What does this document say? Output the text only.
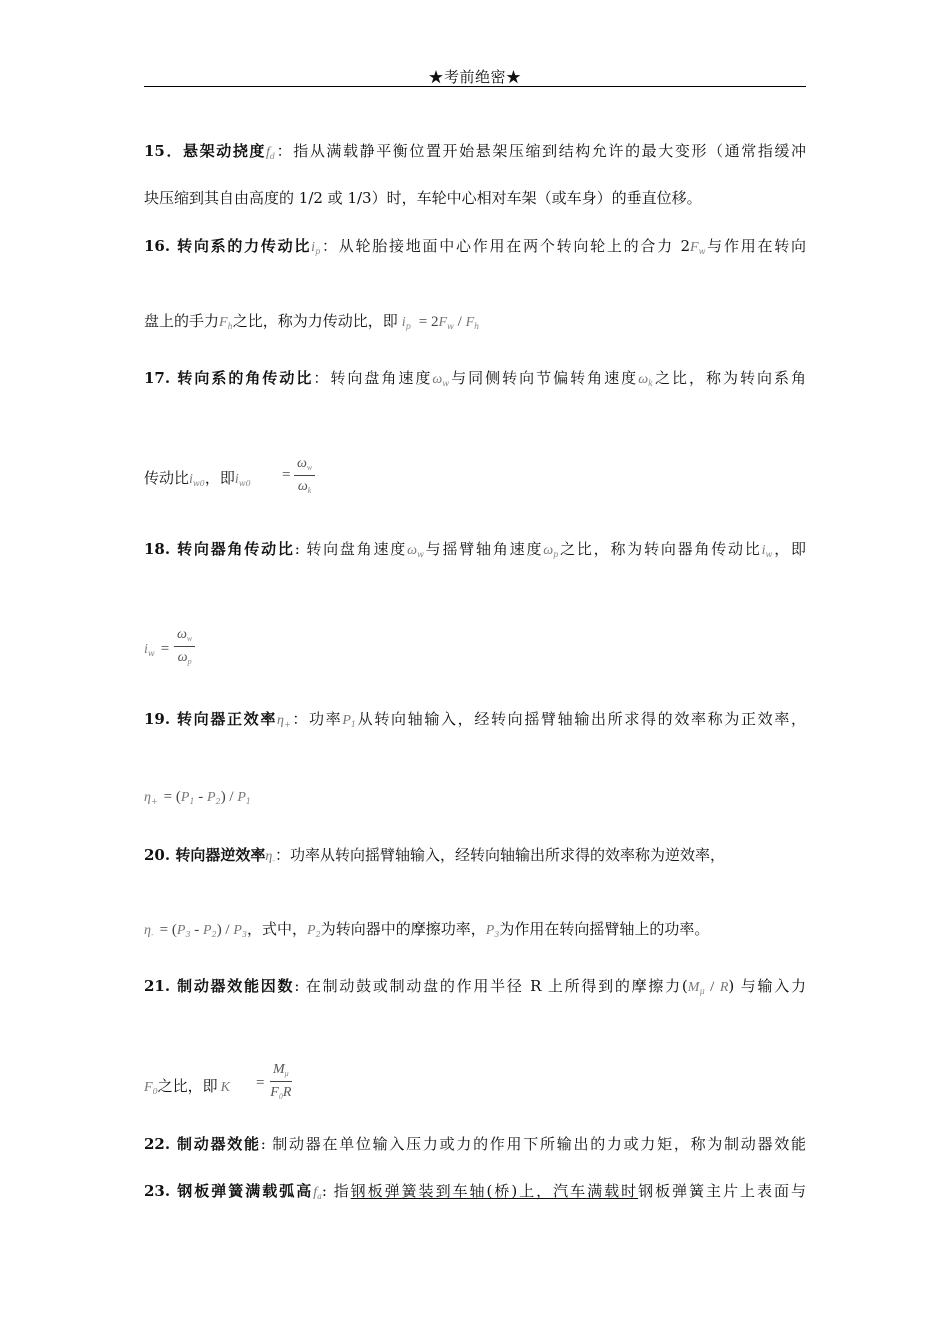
★考前绝密★
15．悬架动挠度$f_d$：指从满载静平衡位置开始悬架压缩到结构允许的最大变形（通常指缓冲
块压缩到其自由高度的 1/2 或 1/3）时，车轮中心相对车架（或车身）的垂直位移。
16. 转向系的力传动比$i_p$：从轮胎接地面中心作用在两个转向轮上的合力 $2F_w$与作用在转向
盘上的手力$F_h$之比，称为力传动比，即 $i_p = 2F_w / F_h$
17. 转向系的角传动比：转向盘角速度$\omega_w$与同侧转向节偏转角速度$\omega_k$之比，称为转向系角
传动比$i_{w0}$，即$i_{w0}$
=
$\omega_w$
$\omega_k$
18. 转向器角传动比: 转向盘角速度$\omega_w$与摇臂轴角速度$\omega_p$之比，称为转向器角传动比$i_w$，即
$i_w$ =
$\omega_w$
$\omega_p$
19. 转向器正效率$\eta_+$：功率$P_1$从转向轴输入，经转向摇臂轴输出所求得的效率称为正效率，
$\eta_+ = (P_1 - P_2) / P_1$
20. 转向器逆效率$\eta_-$：功率从转向摇臂轴输入，经转向轴输出所求得的效率称为逆效率，
$\eta_- = (P_3 - P_2) / P_3$，式中，$P_2$为转向器中的摩擦功率，$P_3$为作用在转向摇臂轴上的功率。
21. 制动器效能因数: 在制动鼓或制动盘的作用半径 R 上所得到的摩擦力$(M_\mu / R)$ 与输入力
$F_0$之比，即 K	=
$M_\mu$
$F_0R$
22. 制动器效能: 制动器在单位输入压力或力的作用下所输出的力或力矩，称为制动器效能
23. 钢板弹簧满载弧高$f_a$: 指钢板弹簧装到车轴(桥)上，汽车满载时钢板弹簧主片上表面与
